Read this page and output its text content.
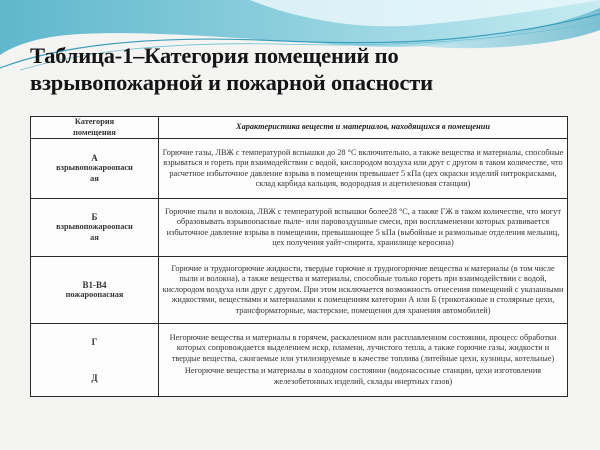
Таблица-1–Категория помещений по
взрывопожарной и пожарной опасности
Категория
помещения	Характеристика веществ и материалов, находящихся в помещении

А
взрывопожароопасн
ая	Горючие газы, ЛВЖ с температурой вспышки до 28 °С включительно, а также вещества и материалы, способные взрываться и гореть при взаимодействии с водой, кислородом воздуха или друг с другом в таком количестве, что расчетное избыточное давление взрыва в помещении превышает 5 кПа (цех окраски изделий нитрокрасками, склад карбида кальция, водородная и ацетиленовая станции)

Б
взрывопожароопасн
ая	Горючие пыли и волокна, ЛВЖ с температурой вспышки более28 °С, а также ГЖ в таком количестве, что могут образовывать взрывоопасные пыле- или паровоздушные смеси, при воспламенении которых развивается избыточное давление взрыва в помещении, превышающее 5 кПа (выбойные и размольные отделения мельниц, цех получения уайт-спирита, хранилище керосина)

В1-В4
пожароопасная	Горючие и трудногорючие жидкости, твердые горючие и трудногорючие вещества и материалы (в том числе пыли и волокна), а также вещества и материалы, способные только гореть при взаимодействии с водой, кислородом воздуха или друг с другом. При этом исключается возможность отнесения помещений с указанными жидкостями, веществами и материалами к помещениям категории А или Б (трикотажные и столярные цехи, трансформаторные, мастерские, помещения для хранения автомобилей)

Г
Д	Негорючие вещества и материалы в горячем, раскаленном или расплавленном состоянии, процесс обработки которых сопровождается выделением искр, пламени, лучистого тепла, а также горючие газы, жидкости и твердые вещества, сжигаемые или утилизируемые в качестве топлива (литейные цехи, кузницы, котельные)
Негорючие вещества и материалы в холодном состоянии (водонасосные станции, цехи изготовления железобетонных изделий, склады инертных газов)
